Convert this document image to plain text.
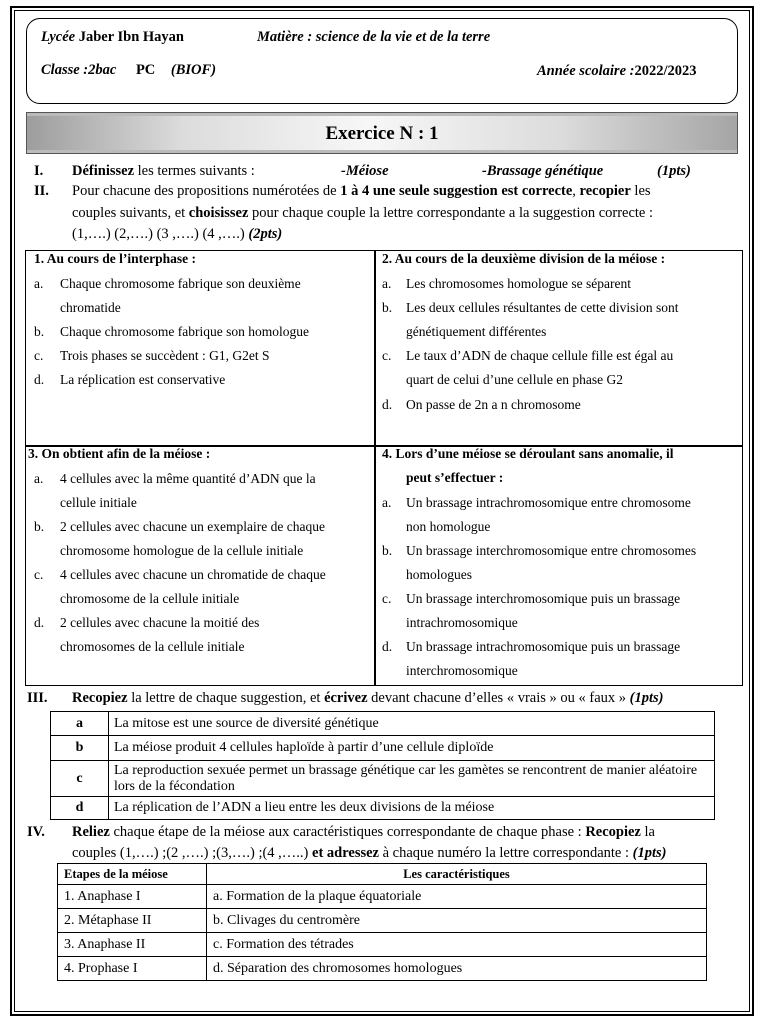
Lycée Jaber Ibn Hayan	Matière : science de la vie et de la terre
Classe :2bac PC (BIOF)	Année scolaire :2022/2023
Exercice N : 1
I. Définissez les termes suivants :	-Méiose	-Brassage génétique	(1pts)
II. Pour chacune des propositions numérotées de 1 à 4 une seule suggestion est correcte, recopier les
couples suivants, et choisissez pour chaque couple la lettre correspondante a la suggestion correcte :
(1,….) (2,….) (3 ,….) (4 ,….) (2pts)
1. Au cours de l’interphase :
a. Chaque chromosome fabrique son deuxième
chromatide
b. Chaque chromosome fabrique son homologue
c. Trois phases se succèdent : G1, G2et S
d. La réplication est conservative
2. Au cours de la deuxième division de la méiose :
a. Les chromosomes homologue se séparent
b. Les deux cellules résultantes de cette division sont
génétiquement différentes
c. Le taux d’ADN de chaque cellule fille est égal au
quart de celui d’une cellule en phase G2
d. On passe de 2n a n chromosome
3. On obtient afin de la méiose :
a. 4 cellules avec la même quantité d’ADN que la
cellule initiale
b. 2 cellules avec chacune un exemplaire de chaque
chromosome homologue de la cellule initiale
c. 4 cellules avec chacune un chromatide de chaque
chromosome de la cellule initiale
d. 2 cellules avec chacune la moitié des
chromosomes de la cellule initiale
4. Lors d’une méiose se déroulant sans anomalie, il
peut s’effectuer :
a. Un brassage intrachromosomique entre chromosome
non homologue
b. Un brassage interchromosomique entre chromosomes
homologues
c. Un brassage interchromosomique puis un brassage
intrachromosomique
d. Un brassage intrachromosomique puis un brassage
interchromosomique
III. Recopiez la lettre de chaque suggestion, et écrivez devant chacune d’elles « vrais » ou « faux » (1pts)
a	La mitose est une source de diversité génétique
b	La méiose produit 4 cellules haploïde à partir d’une cellule diploïde
c	La reproduction sexuée permet un brassage génétique car les gamètes se rencontrent de manier aléatoire lors de la fécondation
d	La réplication de l’ADN a lieu entre les deux divisions de la méiose
IV. Reliez chaque étape de la méiose aux caractéristiques correspondante de chaque phase : Recopiez la
couples (1,….) ;(2 ,….) ;(3,….) ;(4 ,…..) et adressez à chaque numéro la lettre correspondante : (1pts)
Etapes de la méiose	Les caractéristiques
1. Anaphase I	a. Formation de la plaque équatoriale
2. Métaphase II	b. Clivages du centromère
3. Anaphase II	c. Formation des tétrades
4. Prophase I	d. Séparation des chromosomes homologues
